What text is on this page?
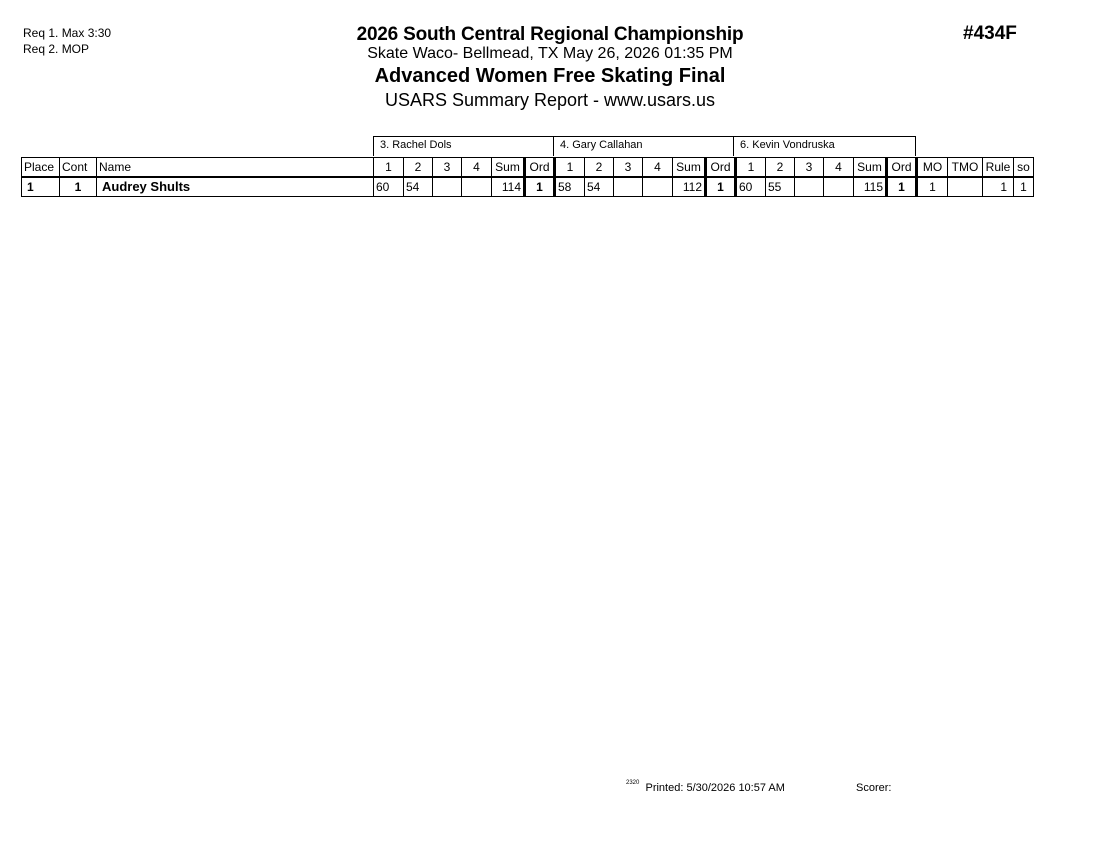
Req 1. Max 3:30
Req 2. MOP
#434F
2026 South Central Regional Championship
Skate Waco- Bellmead, TX May 26, 2026 01:35 PM
Advanced Women Free Skating Final
USARS Summary Report - www.usars.us
3. Rachel Dols	4. Gary Callahan	6. Kevin Vondruska
Place	Cont	Name	1	2	3	4	Sum	Ord	1	2	3	4	Sum	Ord	1	2	3	4	Sum	Ord	MO	TMO	Rule	so
1	1	Audrey Shults	60	54			114	1	58	54			112	1	60	55			115	1	1		1	1
$^{2320}$ Printed: 5/30/2026 10:57 AM	Scorer:
